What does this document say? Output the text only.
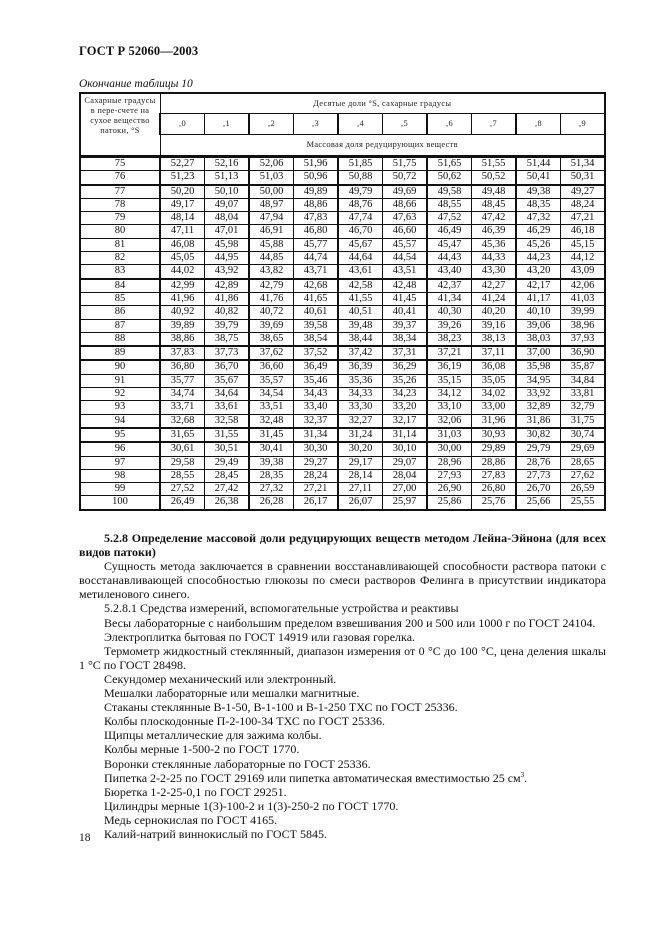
ГОСТ Р 52060—2003
Окончание таблицы 10
Сахарные градусы в пере-счете на сухое вещество патоки, °S	Десятые доли °S, сахарные градусы									
	,0	,1	,2	,3	,4	,5	,6	,7	,8	,9
	Массовая доля редуцирующих веществ									
75	52,27	52,16	52,06	51,96	51,85	51,75	51,65	51,55	51,44	51,34
76	51,23	51,13	51,03	50,96	50,88	50,72	50,62	50,52	50,41	50,31
77	50,20	50,10	50,00	49,89	49,79	49,69	49,58	49,48	49,38	49,27
78	49,17	49,07	48,97	48,86	48,76	48,66	48,55	48,45	48,35	48,24
79	48,14	48,04	47,94	47,83	47,74	47,63	47,52	47,42	47,32	47,21
80	47,11	47,01	46,91	46,80	46,70	46,60	46,49	46,39	46,29	46,18
81	46,08	45,98	45,88	45,77	45,67	45,57	45,47	45,36	45,26	45,15
82	45,05	44,95	44,85	44,74	44,64	44,54	44,43	44,33	44,23	44,12
83	44,02	43,92	43,82	43,71	43,61	43,51	43,40	43,30	43,20	43,09
84	42,99	42,89	42,79	42,68	42,58	42,48	42,37	42,27	42,17	42,06
85	41,96	41,86	41,76	41,65	41,55	41,45	41,34	41,24	41,17	41,03
86	40,92	40,82	40,72	40,61	40,51	40,41	40,30	40,20	40,10	39,99
87	39,89	39,79	39,69	39,58	39,48	39,37	39,26	39,16	39,06	38,96
88	38,86	38,75	38,65	38,54	38,44	38,34	38,23	38,13	38,03	37,93
89	37,83	37,73	37,62	37,52	37,42	37,31	37,21	37,11	37,00	36,90
90	36,80	36,70	36,60	36,49	36,39	36,29	36,19	36,08	35,98	35,87
91	35,77	35,67	35,57	35,46	35,36	35,26	35,15	35,05	34,95	34,84
92	34,74	34,64	34,54	34,43	34,33	34,23	34,12	34,02	33,92	33,81
93	33,71	33,61	33,51	33,40	33,30	33,20	33,10	33,00	32,89	32,79
94	32,68	32,58	32,48	32,37	32,27	32,17	32,06	31,96	31,86	31,75
95	31,65	31,55	31,45	31,34	31,24	31,14	31,03	30,93	30,82	30,74
96	30,61	30,51	30,41	30,30	30,20	30,10	30,00	29,89	29,79	29,69
97	29,58	29,49	39,38	29,27	29,17	29,07	28,96	28,86	28,76	28,65
98	28,55	28,45	28,35	28,24	28,14	28,04	27,93	27,83	27,73	27,62
99	27,52	27,42	27,32	27,21	27,11	27,00	26,90	26,80	26,70	26,59
100	26,49	26,38	26,28	26,17	26,07	25,97	25,86	25,76	25,66	25,55

5.2.8 Определение массовой доли редуцирующих веществ методом Лейна-Эйнона (для всех видов патоки)

Сущность метода заключается в сравнении восстанавливающей способности раствора патоки с восстанавливающей способностью глюкозы по смеси растворов Фелинга в присутствии индикатора метиленового синего.

5.2.8.1 Средства измерений, вспомогательные устройства и реактивы

Весы лабораторные с наибольшим пределом взвешивания 200 и 500 или 1000 г по ГОСТ 24104.

Электроплитка бытовая по ГОСТ 14919 или газовая горелка.

Термометр жидкостный стеклянный, диапазон измерения от 0 °С до 100 °С, цена деления шкалы 1 °С по ГОСТ 28498.

Секундомер механический или электронный.

Мешалки лабораторные или мешалки магнитные.

Стаканы стеклянные В-1-50, В-1-100 и В-1-250 ТХС по ГОСТ 25336.

Колбы плоскодонные П-2-100-34 ТХС по ГОСТ 25336.

Щипцы металлические для зажима колбы.

Колбы мерные 1-500-2 по ГОСТ 1770.

Воронки стеклянные лабораторные по ГОСТ 25336.

Пипетка 2-2-25 по ГОСТ 29169 или пипетка автоматическая вместимостью 25 $см^3$.

Бюретка 1-2-25-0,1 по ГОСТ 29251.

Цилиндры мерные 1(3)-100-2 и 1(3)-250-2 по ГОСТ 1770.

Медь сернокислая по ГОСТ 4165.

Калий-натрий виннокислый по ГОСТ 5845.

18
